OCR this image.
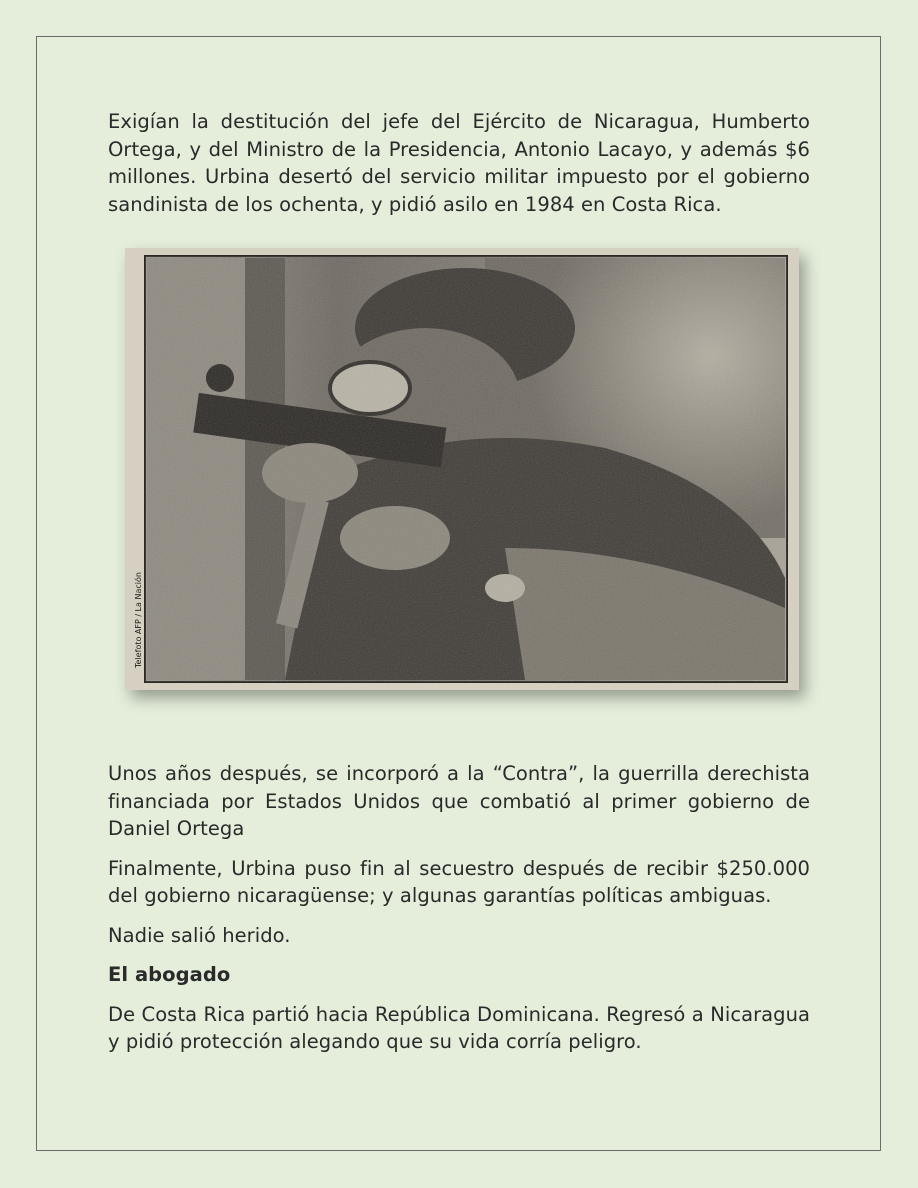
Exigían la destitución del jefe del Ejército de Nicaragua, Humberto Ortega, y del Ministro de la Presidencia, Antonio Lacayo, y además $6 millones. Urbina desertó del servicio militar impuesto por el gobierno sandinista de los ochenta, y pidió asilo en 1984 en Costa Rica.

Telefoto AFP / La Nación

Unos años después, se incorporó a la “Contra”, la guerrilla derechista financiada por Estados Unidos que combatió al primer gobierno de Daniel Ortega

Finalmente, Urbina puso fin al secuestro después de recibir $250.000 del gobierno nicaragüense; y algunas garantías políticas ambiguas.

Nadie salió herido.

El abogado

De Costa Rica partió hacia República Dominicana. Regresó a Nicaragua y pidió protección alegando que su vida corría peligro.
